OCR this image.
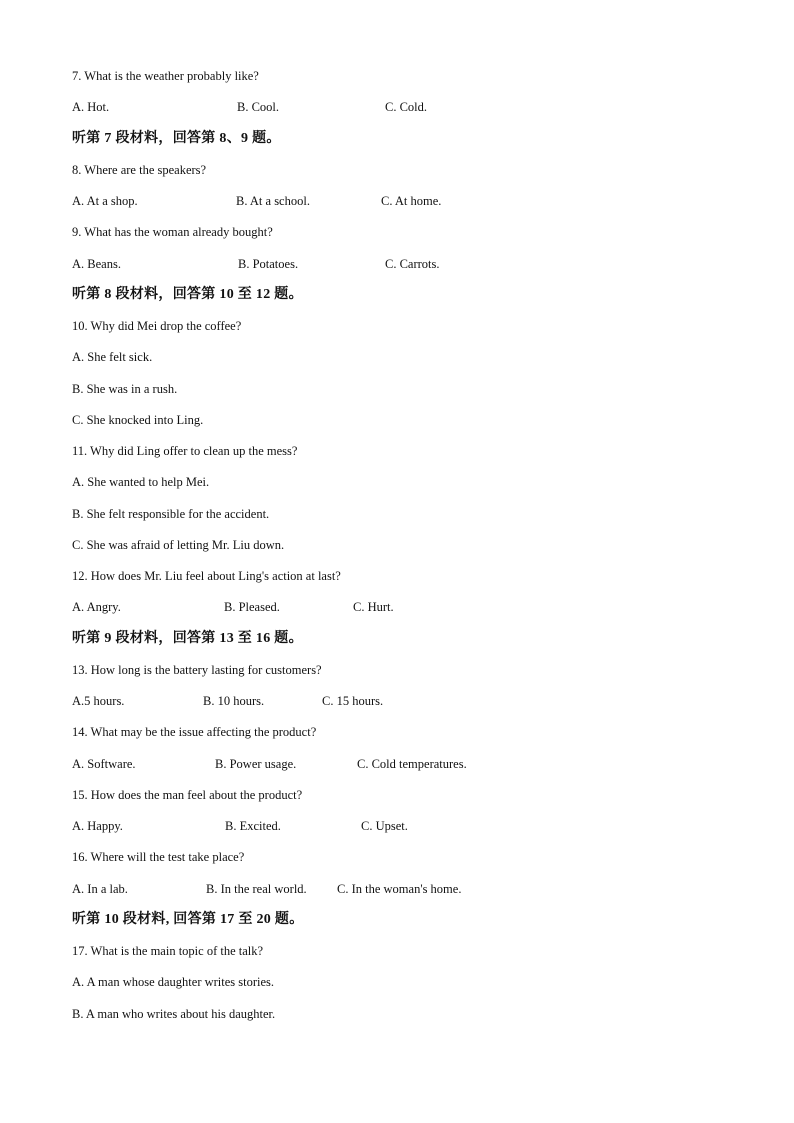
7. What is the weather probably like?
A. Hot.	B. Cool.	C. Cold.
听第 7 段材料，回答第 8、9 题。
8. Where are the speakers?
A. At a shop.	B. At a school.	C. At home.
9. What has the woman already bought?
A. Beans.	B. Potatoes.	C. Carrots.
听第 8 段材料，回答第 10 至 12 题。
10. Why did Mei drop the coffee?
A. She felt sick.
B. She was in a rush.
C. She knocked into Ling.
11. Why did Ling offer to clean up the mess?
A. She wanted to help Mei.
B. She felt responsible for the accident.
C. She was afraid of letting Mr. Liu down.
12. How does Mr. Liu feel about Ling's action at last?
A. Angry.	B. Pleased.	C. Hurt.
听第 9 段材料，回答第 13 至 16 题。
13. How long is the battery lasting for customers?
A.5 hours.	B. 10 hours.	C. 15 hours.
14. What may be the issue affecting the product?
A. Software.	B. Power usage.	C. Cold temperatures.
15. How does the man feel about the product?
A. Happy.	B. Excited.	C. Upset.
16. Where will the test take place?
A. In a lab.	B. In the real world. C. In the woman's home.
听第 10 段材料, 回答第 17 至 20 题。
17. What is the main topic of the talk?
A. A man whose daughter writes stories.
B. A man who writes about his daughter.
